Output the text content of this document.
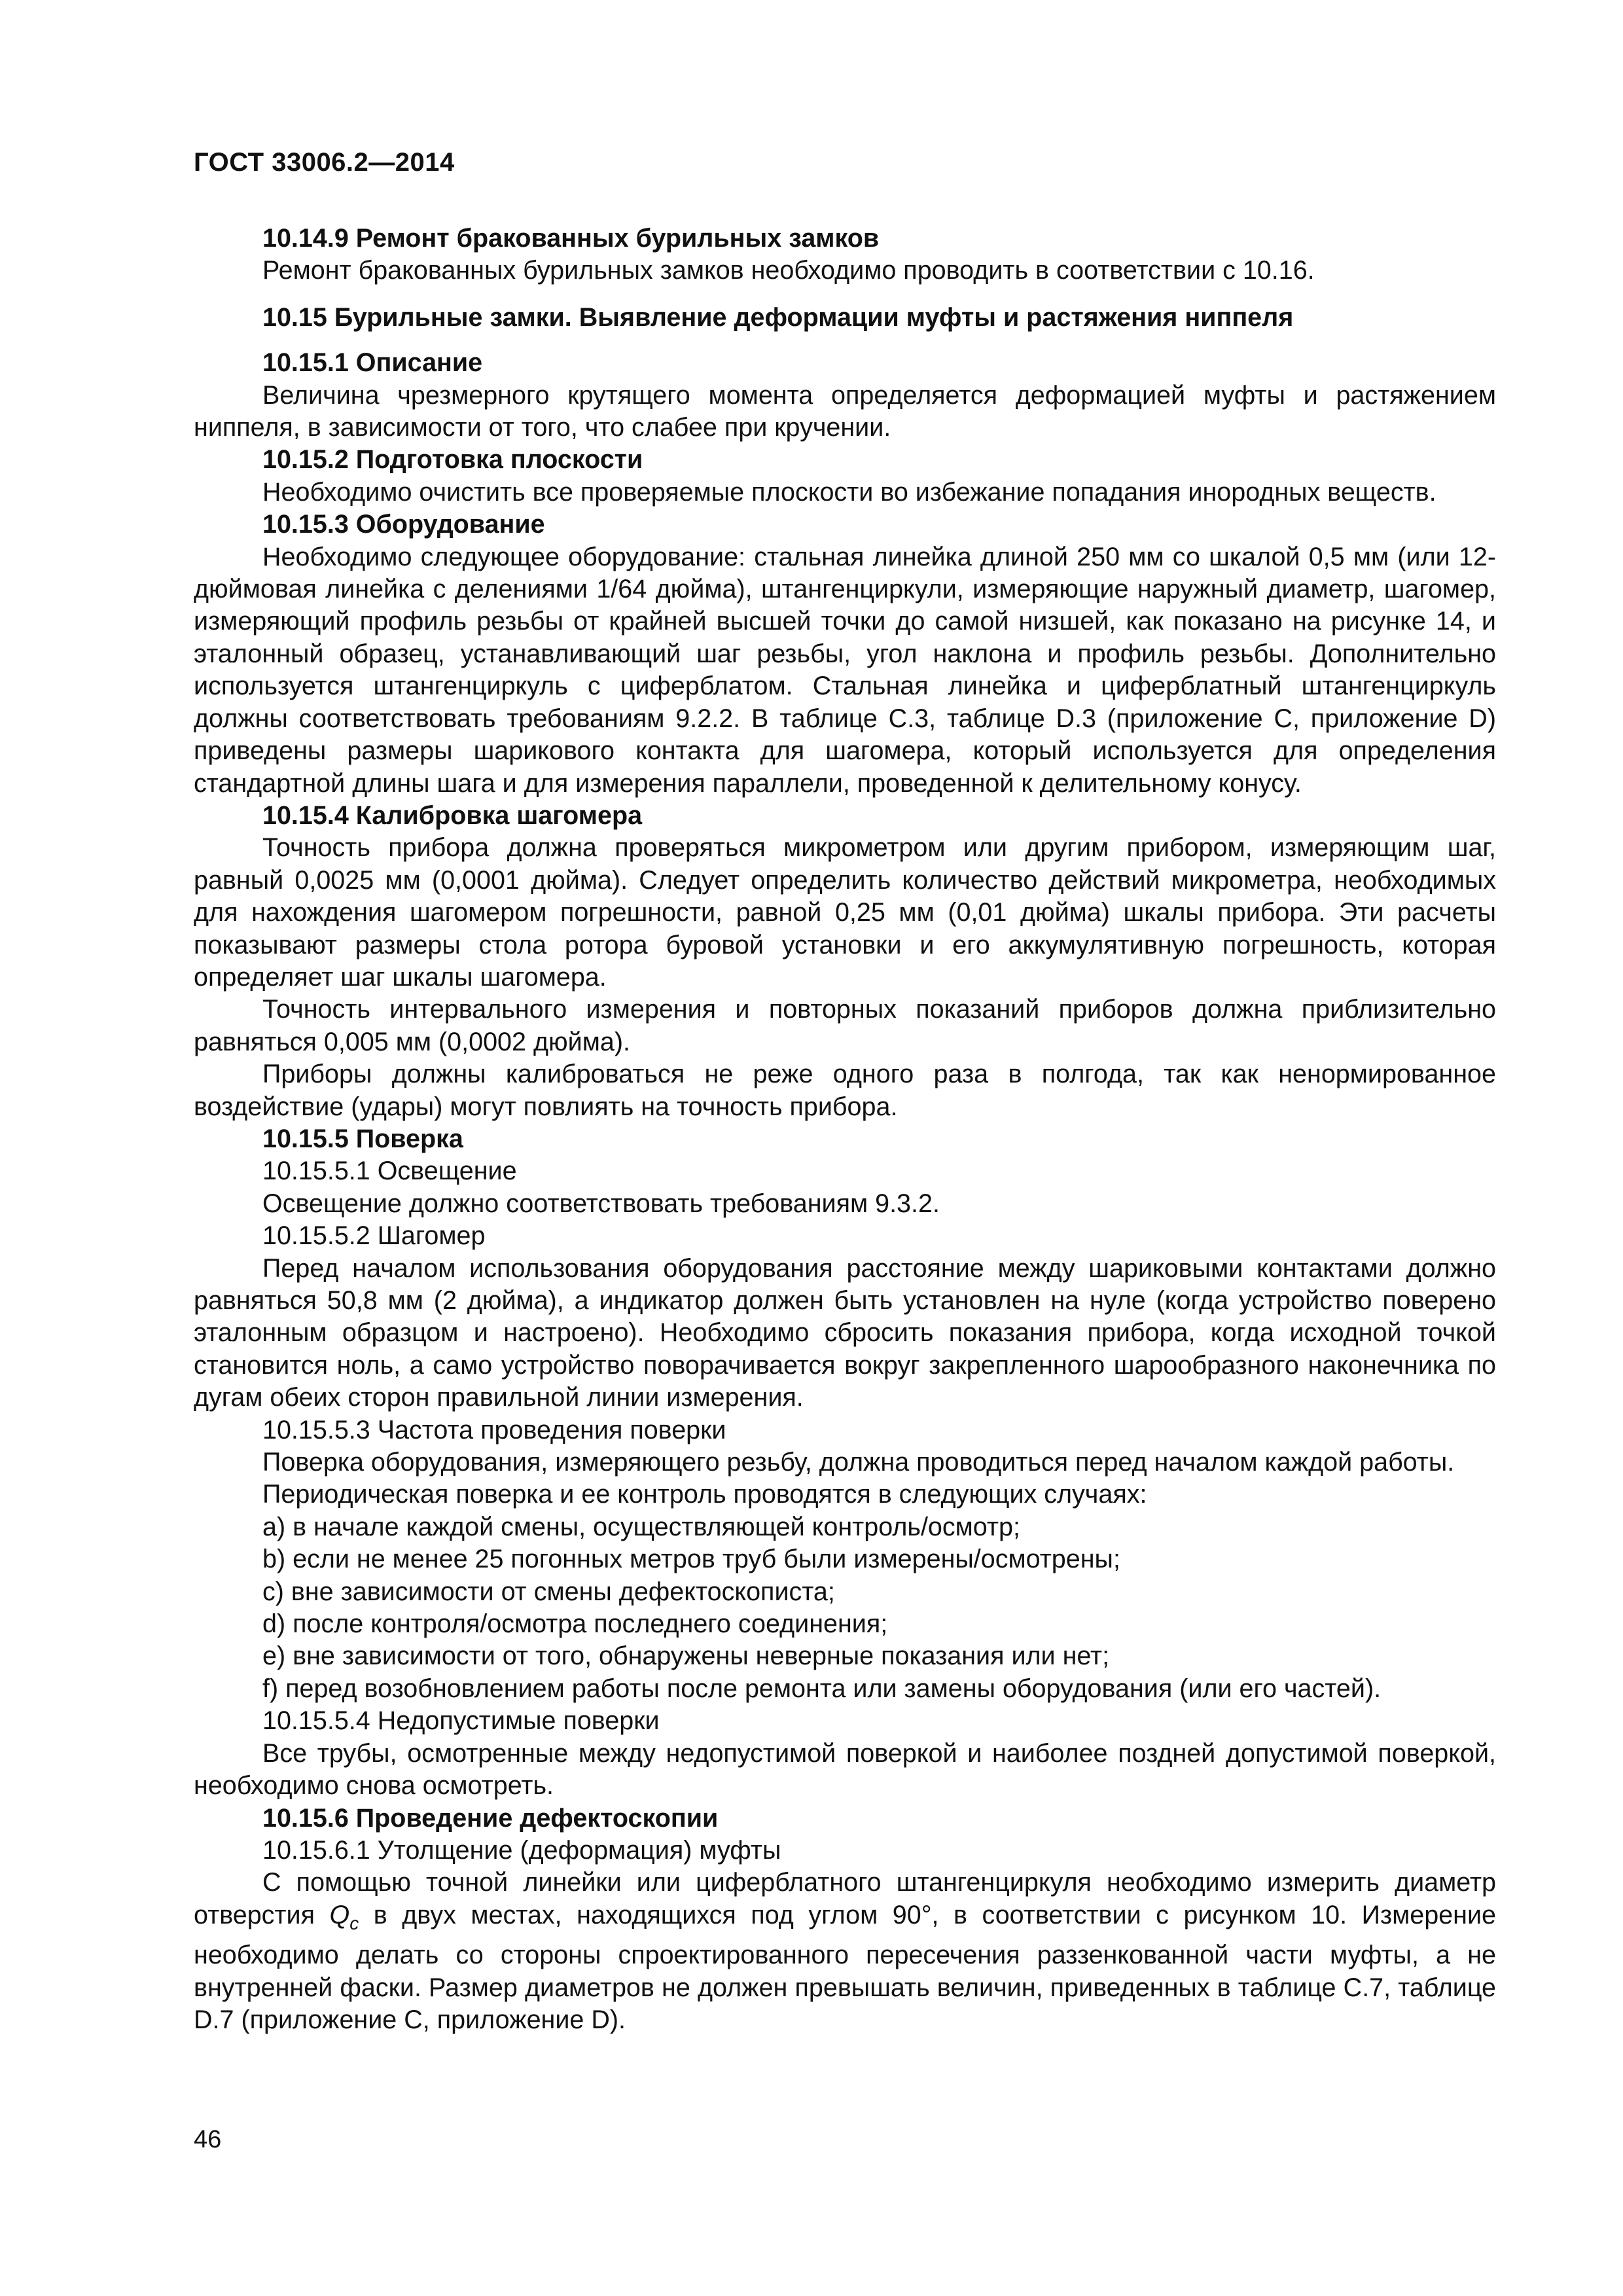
ГОСТ 33006.2—2014

10.14.9 Ремонт бракованных бурильных замков

Ремонт бракованных бурильных замков необходимо проводить в соответствии с 10.16.

10.15 Бурильные замки. Выявление деформации муфты и растяжения ниппеля

10.15.1 Описание

Величина чрезмерного крутящего момента определяется деформацией муфты и растяжением ниппеля, в зависимости от того, что слабее при кручении.

10.15.2 Подготовка плоскости

Необходимо очистить все проверяемые плоскости во избежание попадания инородных веществ.

10.15.3 Оборудование

Необходимо следующее оборудование: стальная линейка длиной 250 мм со шкалой 0,5 мм (или 12-дюймовая линейка с делениями 1/64 дюйма), штангенциркули, измеряющие наружный диаметр, шагомер, измеряющий профиль резьбы от крайней высшей точки до самой низшей, как показано на рисунке 14, и эталонный образец, устанавливающий шаг резьбы, угол наклона и профиль резьбы. Дополнительно используется штангенциркуль с циферблатом. Стальная линейка и циферблатный штангенциркуль должны соответствовать требованиям 9.2.2. В таблице С.3, таблице D.3 (приложение С, приложение D) приведены размеры шарикового контакта для шагомера, который используется для определения стандартной длины шага и для измерения параллели, проведенной к делительному конусу.

10.15.4 Калибровка шагомера

Точность прибора должна проверяться микрометром или другим прибором, измеряющим шаг, равный 0,0025 мм (0,0001 дюйма). Следует определить количество действий микрометра, необходимых для нахождения шагомером погрешности, равной 0,25 мм (0,01 дюйма) шкалы прибора. Эти расчеты показывают размеры стола ротора буровой установки и его аккумулятивную погрешность, которая определяет шаг шкалы шагомера.

Точность интервального измерения и повторных показаний приборов должна приблизительно равняться 0,005 мм (0,0002 дюйма).

Приборы должны калиброваться не реже одного раза в полгода, так как ненормированное воздействие (удары) могут повлиять на точность прибора.

10.15.5 Поверка

10.15.5.1 Освещение

Освещение должно соответствовать требованиям 9.3.2.

10.15.5.2 Шагомер

Перед началом использования оборудования расстояние между шариковыми контактами должно равняться 50,8 мм (2 дюйма), а индикатор должен быть установлен на нуле (когда устройство поверено эталонным образцом и настроено). Необходимо сбросить показания прибора, когда исходной точкой становится ноль, а само устройство поворачивается вокруг закрепленного шарообразного наконечника по дугам обеих сторон правильной линии измерения.

10.15.5.3 Частота проведения поверки

Поверка оборудования, измеряющего резьбу, должна проводиться перед началом каждой работы.

Периодическая поверка и ее контроль проводятся в следующих случаях:

a) в начале каждой смены, осуществляющей контроль/осмотр;

b) если не менее 25 погонных метров труб были измерены/осмотрены;

c) вне зависимости от смены дефектоскописта;

d) после контроля/осмотра последнего соединения;

e) вне зависимости от того, обнаружены неверные показания или нет;

f) перед возобновлением работы после ремонта или замены оборудования (или его частей).

10.15.5.4 Недопустимые поверки

Все трубы, осмотренные между недопустимой поверкой и наиболее поздней допустимой поверкой, необходимо снова осмотреть.

10.15.6 Проведение дефектоскопии

10.15.6.1 Утолщение (деформация) муфты

С помощью точной линейки или циферблатного штангенциркуля необходимо измерить диаметр отверстия $Q_c$ в двух местах, находящихся под углом 90°, в соответствии с рисунком 10. Измерение необходимо делать со стороны спроектированного пересечения раззенкованной части муфты, а не внутренней фаски. Размер диаметров не должен превышать величин, приведенных в таблице С.7, таблице D.7 (приложение С, приложение D).

46
